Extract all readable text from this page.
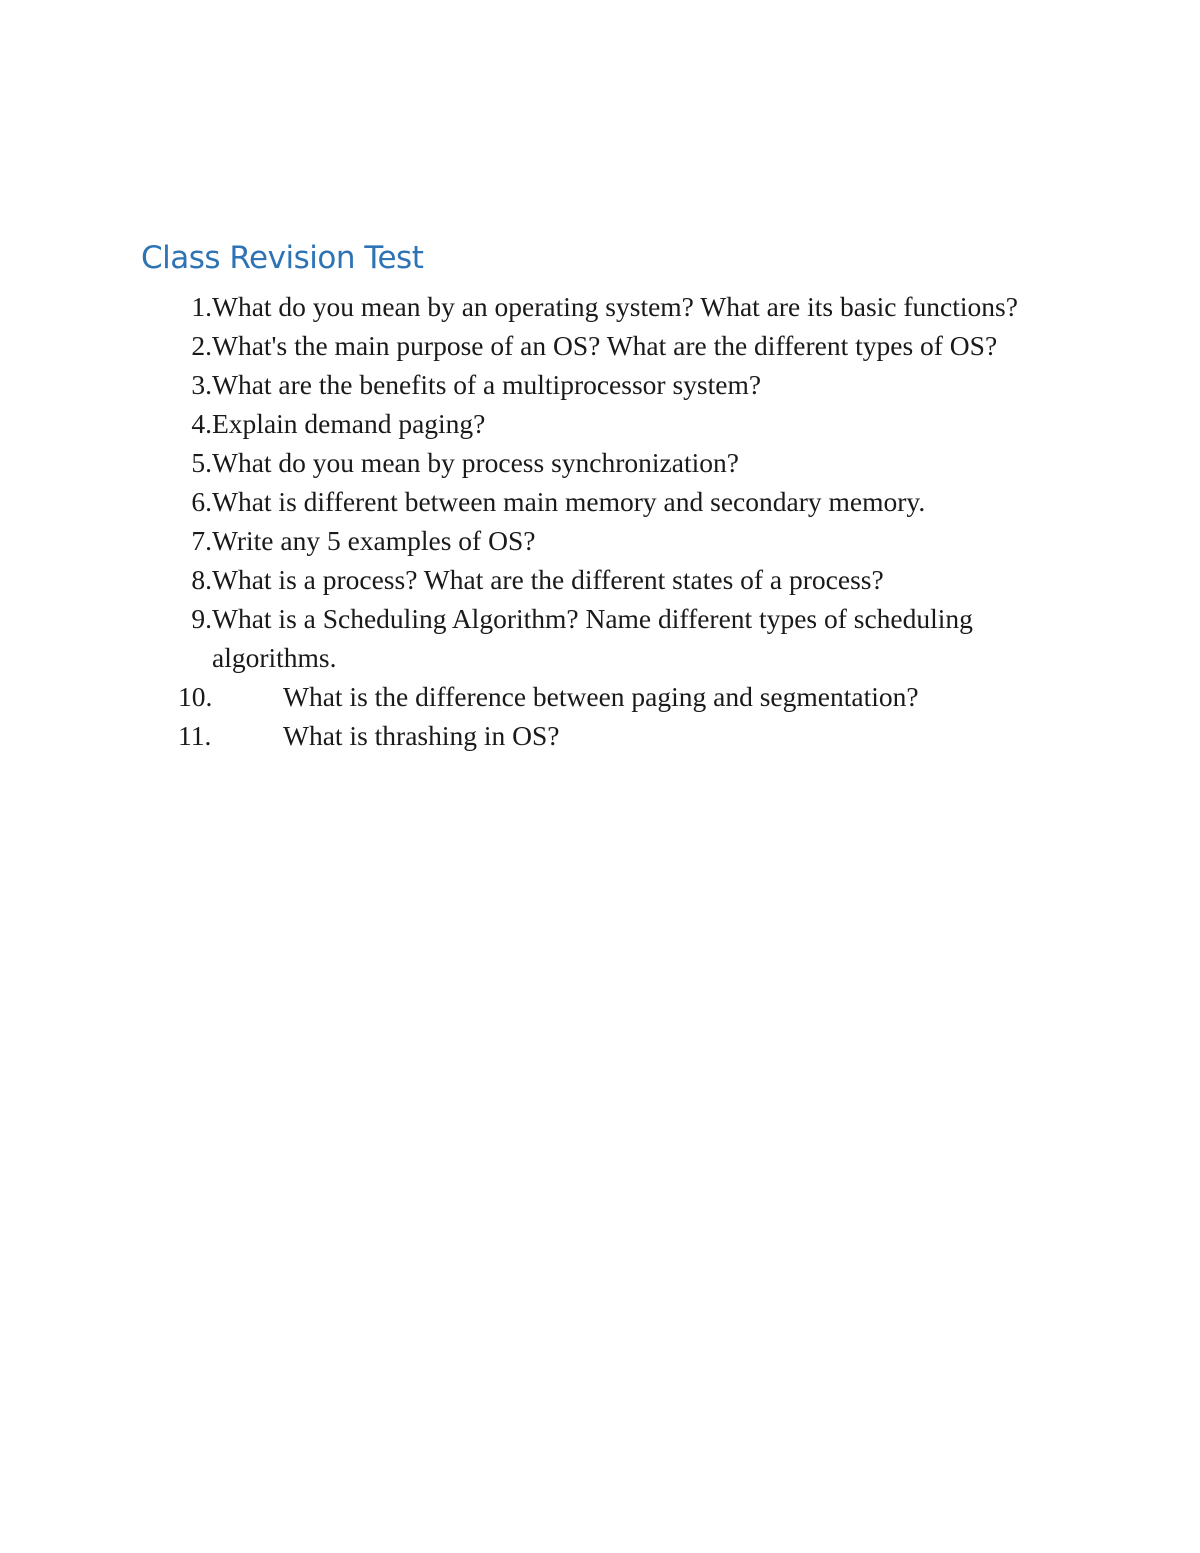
Class Revision Test
1. What do you mean by an operating system? What are its basic functions?
2. What's the main purpose of an OS? What are the different types of OS?
3. What are the benefits of a multiprocessor system?
4. Explain demand paging?
5. What do you mean by process synchronization?
6. What is different between main memory and secondary memory.
7. Write any 5 examples of OS?
8. What is a process? What are the different states of a process?
9. What is a Scheduling Algorithm? Name different types of scheduling algorithms.
10.	What is the difference between paging and segmentation?
11.	What is thrashing in OS?
